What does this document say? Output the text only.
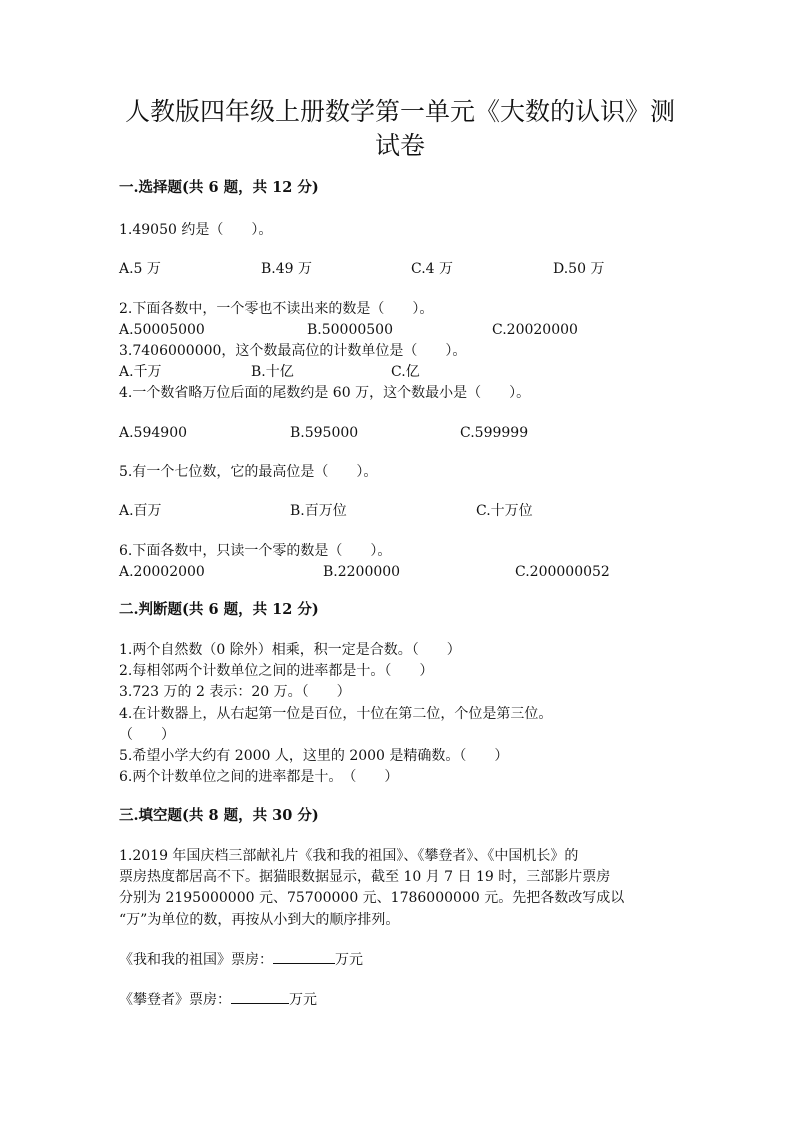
人教版四年级上册数学第一单元《大数的认识》测
试卷
一.选择题(共 6 题，共 12 分)
1.49050 约是（　　）。
A.5 万	B.49 万	C.4 万	D.50 万
2.下面各数中，一个零也不读出来的数是（　　）。
A.50005000	B.50000500	C.20020000
3.7406000000，这个数最高位的计数单位是（　　）。
A.千万	B.十亿	C.亿
4.一个数省略万位后面的尾数约是 60 万，这个数最小是（　　）。
A.594900	B.595000	C.599999
5.有一个七位数，它的最高位是（　　）。
A.百万	B.百万位	C.十万位
6.下面各数中，只读一个零的数是（　　）。
A.20002000	B.2200000	C.200000052
二.判断题(共 6 题，共 12 分)
1.两个自然数（0 除外）相乘，积一定是合数。（　　）
2.每相邻两个计数单位之间的进率都是十。（　　）
3.723 万的 2 表示：20 万。（　　）
4.在计数器上，从右起第一位是百位，十位在第二位，个位是第三位。
（　　）
5.希望小学大约有 2000 人，这里的 2000 是精确数。（　　）
6.两个计数单位之间的进率都是十。　（　　）
三.填空题(共 8 题，共 30 分)
1.2019 年国庆档三部献礼片《我和我的祖国》、《攀登者》、《中国机长》的
票房热度都居高不下。据猫眼数据显示，截至 10 月 7 日 19 时，三部影片票房
分别为 2195000000 元、75700000 元、1786000000 元。先把各数改写成以
“万”为单位的数，再按从小到大的顺序排列。
《我和我的祖国》票房：	万元
《攀登者》票房：	万元
